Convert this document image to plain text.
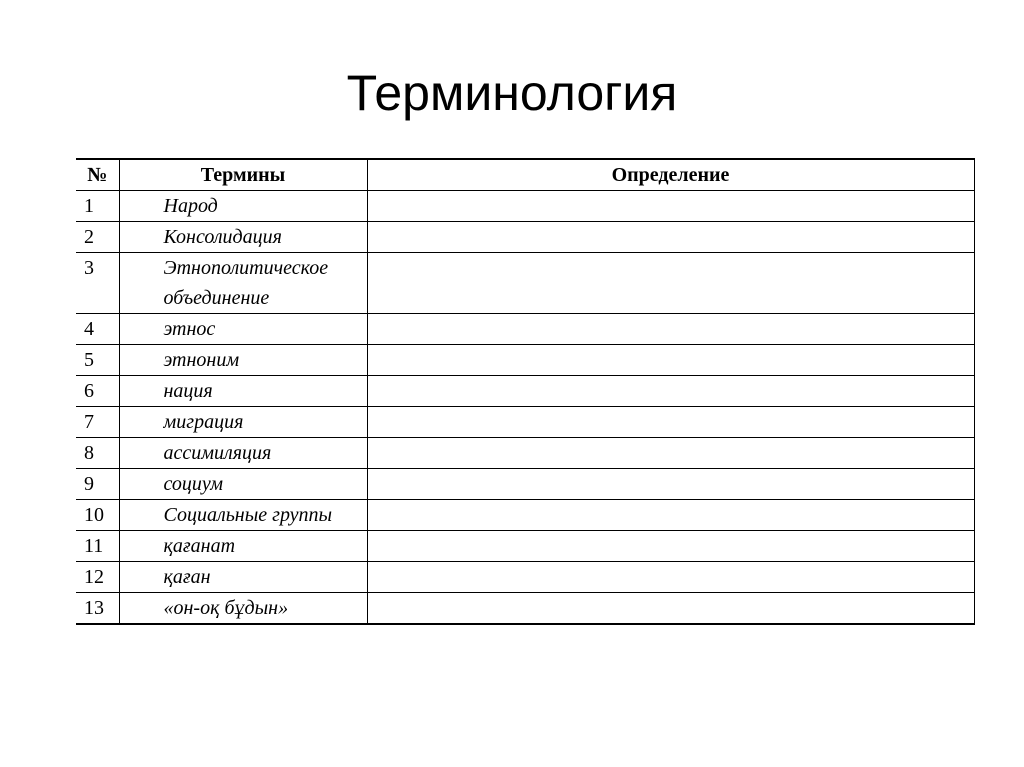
Терминология
№	Термины	Определение
1	Народ	
2	Консолидация	
3	Этнополитическое объединение	
4	этнос	
5	этноним	
6	нация	
7	миграция	
8	ассимиляция	
9	социум	
10	Социальные группы	
11	қағанат	
12	қаған	
13	«он-оқ бұдын»	
